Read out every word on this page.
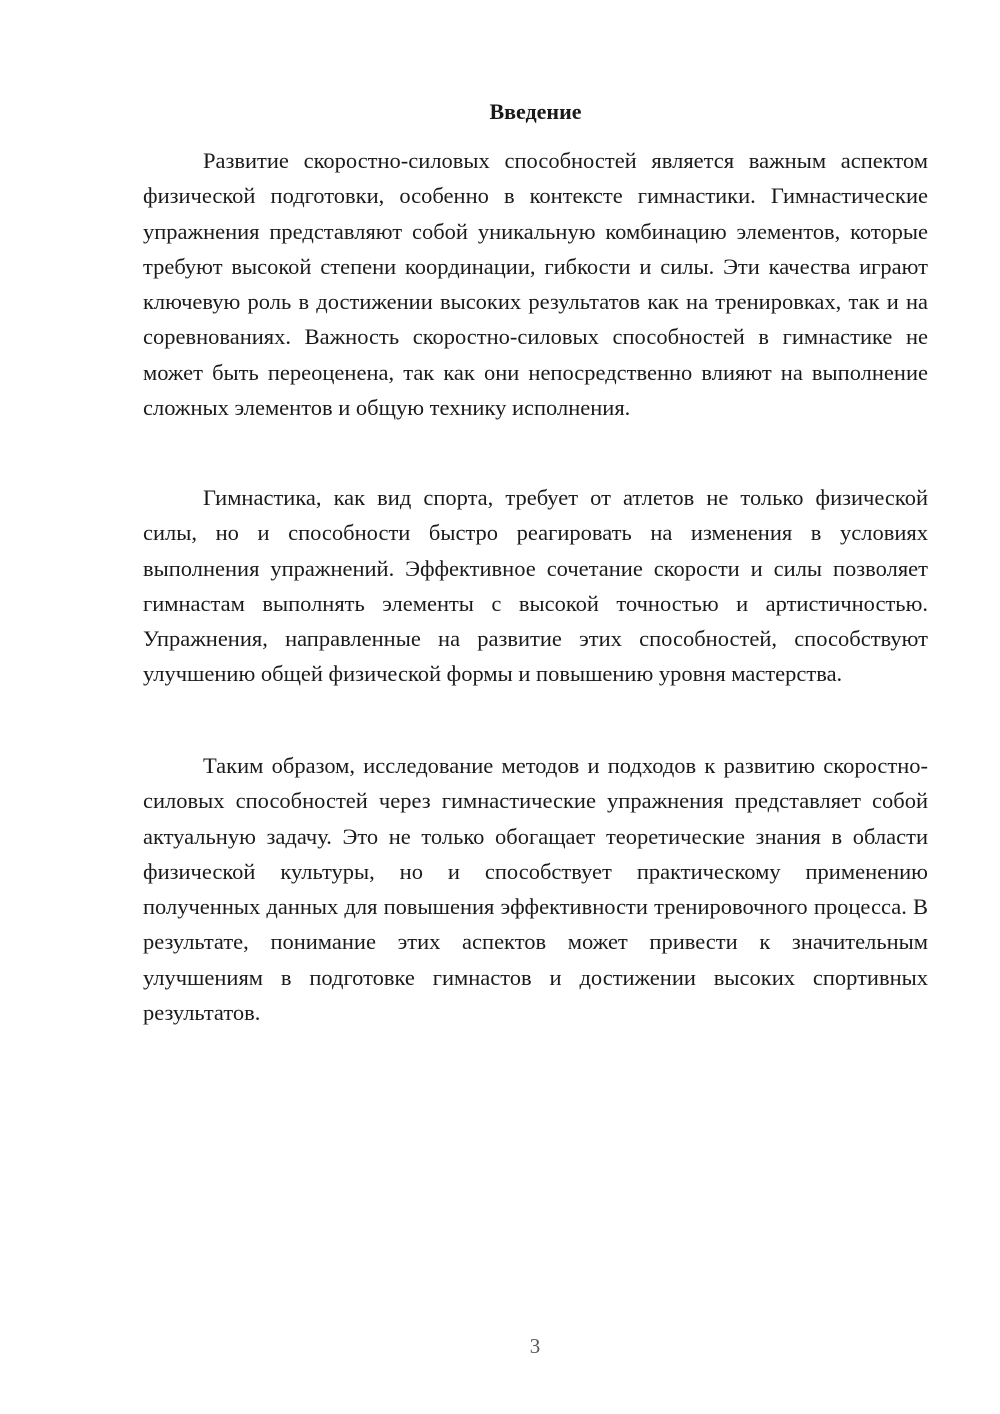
Введение

Развитие скоростно-силовых способностей является важным аспектом физической подготовки, особенно в контексте гимнастики. Гимнастические упражнения представляют собой уникальную комбинацию элементов, которые требуют высокой степени координации, гибкости и силы. Эти качества играют ключевую роль в достижении высоких результатов как на тренировках, так и на соревнованиях. Важность скоростно-силовых способностей в гимнастике не может быть переоценена, так как они непосредственно влияют на выполнение сложных элементов и общую технику исполнения.

Гимнастика, как вид спорта, требует от атлетов не только физической силы, но и способности быстро реагировать на изменения в условиях выполнения упражнений. Эффективное сочетание скорости и силы позволяет гимнастам выполнять элементы с высокой точностью и артистичностью. Упражнения, направленные на развитие этих способностей, способствуют улучшению общей физической формы и повышению уровня мастерства.

Таким образом, исследование методов и подходов к развитию скоростно-силовых способностей через гимнастические упражнения представляет собой актуальную задачу. Это не только обогащает теоретические знания в области физической культуры, но и способствует практическому применению полученных данных для повышения эффективности тренировочного процесса. В результате, понимание этих аспектов может привести к значительным улучшениям в подготовке гимнастов и достижении высоких спортивных результатов.

3
